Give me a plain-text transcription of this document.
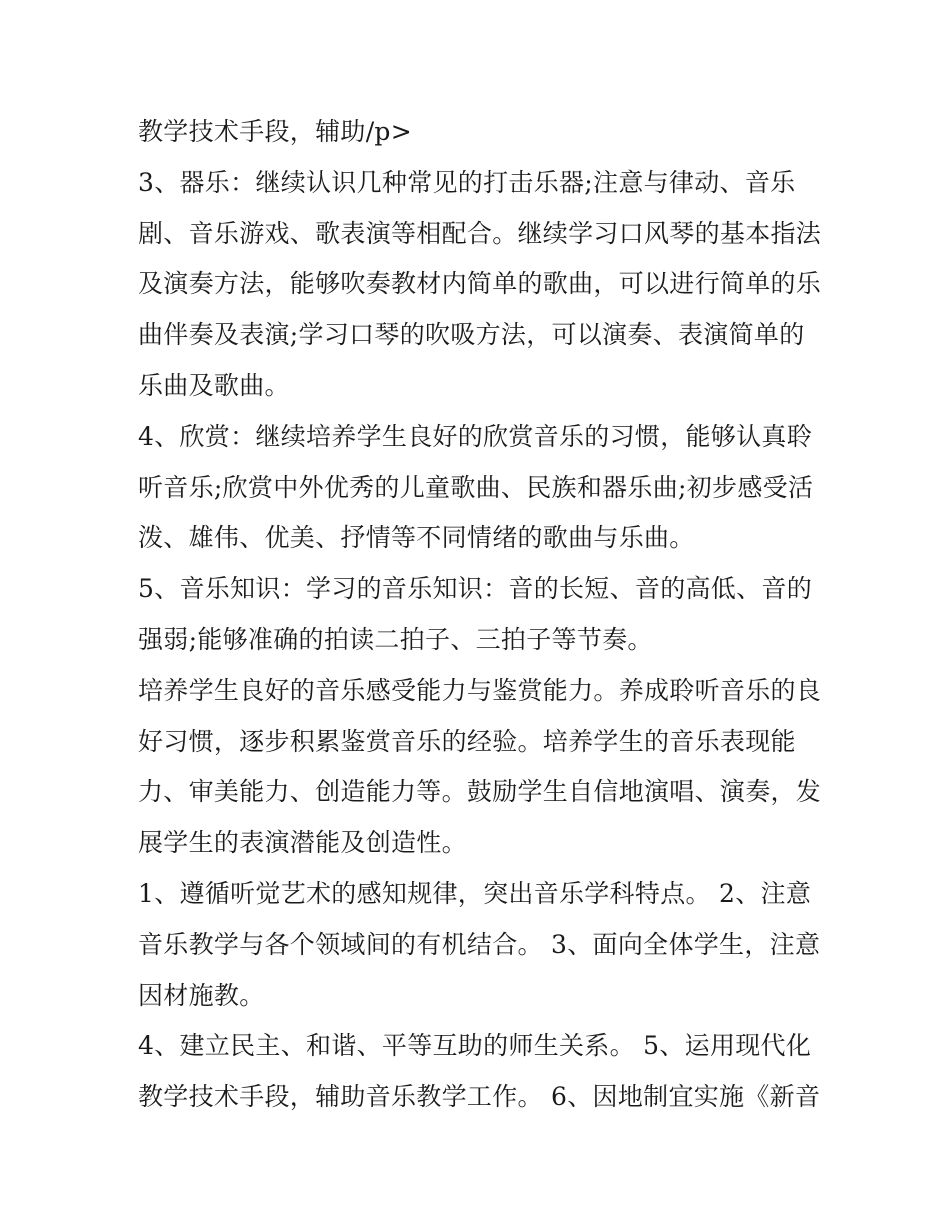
教学技术手段，辅助/p>
3、器乐：继续认识几种常见的打击乐器;注意与律动、音乐
剧、音乐游戏、歌表演等相配合。继续学习口风琴的基本指法
及演奏方法，能够吹奏教材内简单的歌曲，可以进行简单的乐
曲伴奏及表演;学习口琴的吹吸方法，可以演奏、表演简单的
乐曲及歌曲。
4、欣赏：继续培养学生良好的欣赏音乐的习惯，能够认真聆
听音乐;欣赏中外优秀的儿童歌曲、民族和器乐曲;初步感受活
泼、雄伟、优美、抒情等不同情绪的歌曲与乐曲。
5、音乐知识：学习的音乐知识：音的长短、音的高低、音的
强弱;能够准确的拍读二拍子、三拍子等节奏。
培养学生良好的音乐感受能力与鉴赏能力。养成聆听音乐的良
好习惯，逐步积累鉴赏音乐的经验。培养学生的音乐表现能
力、审美能力、创造能力等。鼓励学生自信地演唱、演奏，发
展学生的表演潜能及创造性。
1、遵循听觉艺术的感知规律，突出音乐学科特点。 2、注意
音乐教学与各个领域间的有机结合。 3、面向全体学生，注意
因材施教。
4、建立民主、和谐、平等互助的师生关系。 5、运用现代化
教学技术手段，辅助音乐教学工作。 6、因地制宜实施《新音
